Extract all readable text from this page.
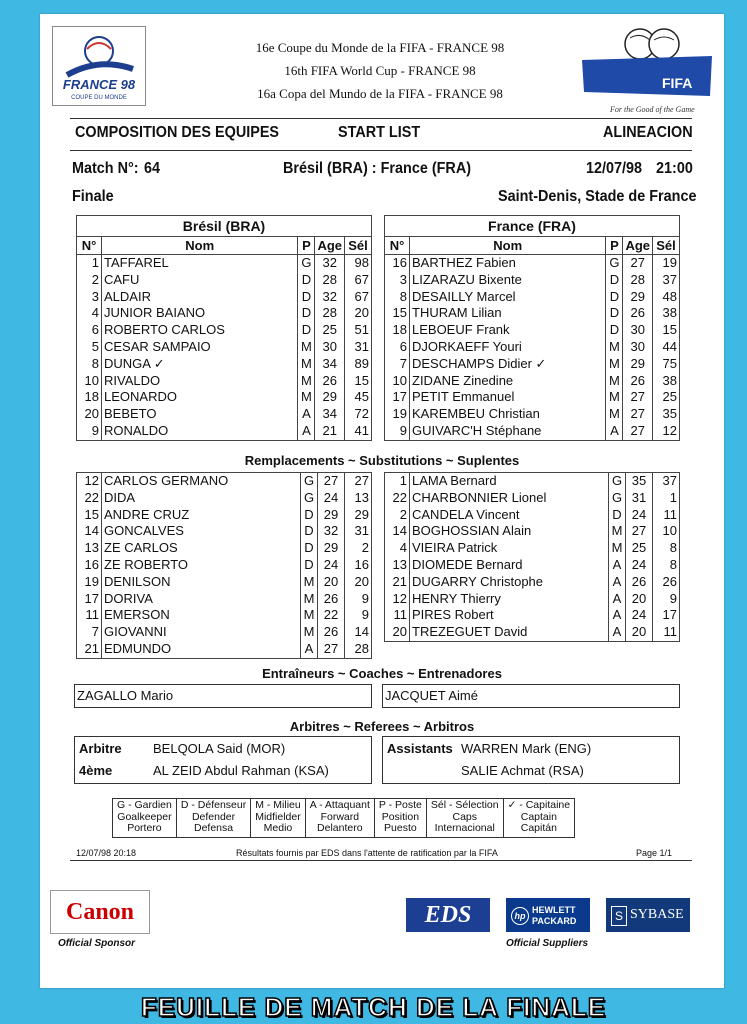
FRANCE 98
COUPE DU MONDE
16e Coupe du Monde de la FIFA - FRANCE 98
16th FIFA World Cup - FRANCE 98
16a Copa del Mundo de la FIFA - FRANCE 98
FIFA
For the Good of the Game
COMPOSITION DES EQUIPES	START LIST	ALINEACION
Match N°: 64	Brésil (BRA) : France (FRA)	12/07/98 21:00
Finale	Saint-Denis, Stade de France
Brésil (BRA)
N°	Nom	P	Age	Sél
1	TAFFAREL	G	32	98
2	CAFU	D	28	67
3	ALDAIR	D	32	67
4	JUNIOR BAIANO	D	28	20
6	ROBERTO CARLOS	D	25	51
5	CESAR SAMPAIO	M	30	31
8	DUNGA ✓	M	34	89
10	RIVALDO	M	26	15
18	LEONARDO	M	29	45
20	BEBETO	A	34	72
9	RONALDO	A	21	41
France (FRA)
N°	Nom	P	Age	Sél
16	BARTHEZ Fabien	G	27	19
3	LIZARAZU Bixente	D	28	37
8	DESAILLY Marcel	D	29	48
15	THURAM Lilian	D	26	38
18	LEBOEUF Frank	D	30	15
6	DJORKAEFF Youri	M	30	44
7	DESCHAMPS Didier ✓	M	29	75
10	ZIDANE Zinedine	M	26	38
17	PETIT Emmanuel	M	27	25
19	KAREMBEU Christian	M	27	35
9	GUIVARC'H Stéphane	A	27	12
Remplacements ~ Substitutions ~ Suplentes
12	CARLOS GERMANO	G	27	27
22	DIDA	G	24	13
15	ANDRE CRUZ	D	29	29
14	GONCALVES	D	32	31
13	ZE CARLOS	D	29	2
16	ZE ROBERTO	D	24	16
19	DENILSON	M	20	20
17	DORIVA	M	26	9
11	EMERSON	M	22	9
7	GIOVANNI	M	26	14
21	EDMUNDO	A	27	28
1	LAMA Bernard	G	35	37
22	CHARBONNIER Lionel	G	31	1
2	CANDELA Vincent	D	24	11
14	BOGHOSSIAN Alain	M	27	10
4	VIEIRA Patrick	M	25	8
13	DIOMEDE Bernard	A	24	8
21	DUGARRY Christophe	A	26	26
12	HENRY Thierry	A	20	9
11	PIRES Robert	A	24	17
20	TREZEGUET David	A	20	11
Entraîneurs ~ Coaches ~ Entrenadores
ZAGALLO Mario	JACQUET Aimé
Arbitres ~ Referees ~ Arbitros
Arbitre BELQOLA Said (MOR)
4ème	AL ZEID Abdul Rahman (KSA)
Assistants WARREN Mark (ENG)
SALIE Achmat (RSA)
G - Gardien
Goalkeeper
Portero
D - Défenseur
Defender
Defensa
M - Milieu
Midfielder
Medio
A - Attaquant
Forward
Delantero
P - Poste
Position
Puesto
Sél - Sélection
Caps
Internacional
✓ - Capitaine
Captain
Capitán
12/07/98 20:18	Résultats fournis par EDS dans l'attente de ratification par la FIFA	Page 1/1
Canon
Official Sponsor
EDS	hp
HEWLETT
PACKARD	S SYBASE
Official Suppliers
FEUILLE DE MATCH DE LA FINALE
